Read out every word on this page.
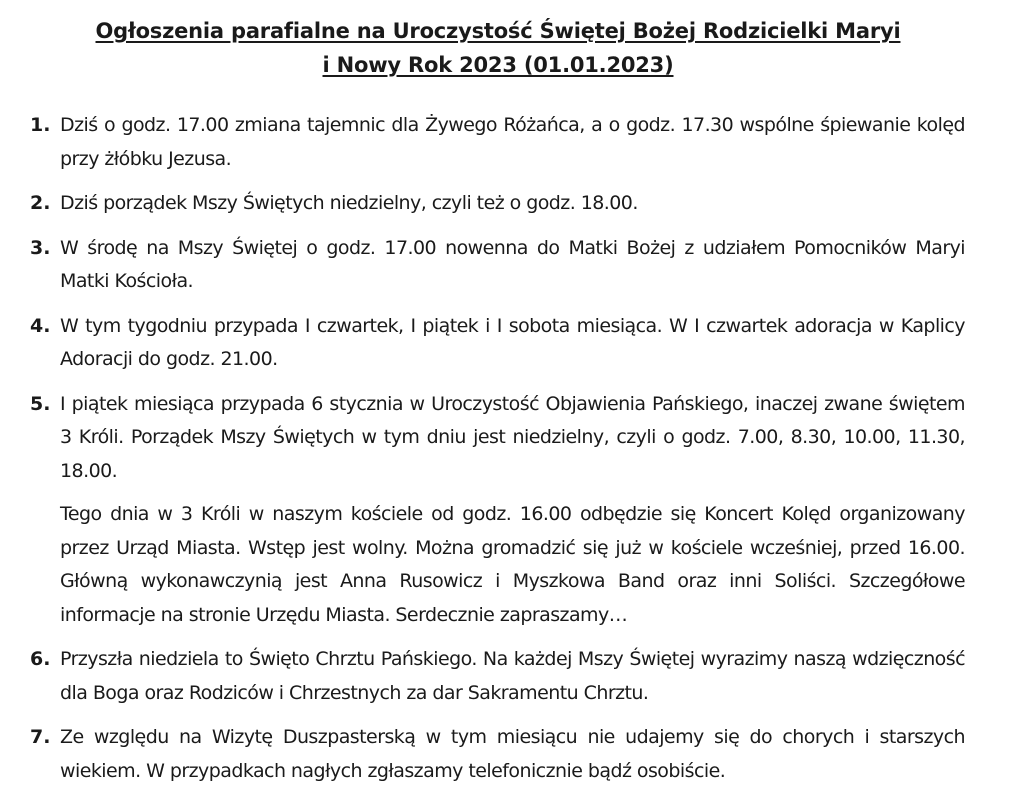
Ogłoszenia parafialne na Uroczystość Świętej Bożej Rodzicielki Maryi
i Nowy Rok 2023 (01.01.2023)
1. Dziś o godz. 17.00 zmiana tajemnic dla Żywego Różańca, a o godz. 17.30 wspólne śpiewanie kolęd przy żłóbku Jezusa.
2. Dziś porządek Mszy Świętych niedzielny, czyli też o godz. 18.00.
3. W środę na Mszy Świętej o godz. 17.00 nowenna do Matki Bożej z udziałem Pomocników Maryi Matki Kościoła.
4. W tym tygodniu przypada I czwartek, I piątek i I sobota miesiąca. W I czwartek adoracja w Kaplicy Adoracji do godz. 21.00.
5. I piątek miesiąca przypada 6 stycznia w Uroczystość Objawienia Pańskiego, inaczej zwane świętem 3 Króli. Porządek Mszy Świętych w tym dniu jest niedzielny, czyli o godz. 7.00, 8.30, 10.00, 11.30, 18.00.
Tego dnia w 3 Króli w naszym kościele od godz. 16.00 odbędzie się Koncert Kolęd organizowany przez Urząd Miasta. Wstęp jest wolny. Można gromadzić się już w kościele wcześniej, przed 16.00. Główną wykonawczynią jest Anna Rusowicz i Myszkowa Band oraz inni Soliści. Szczegółowe informacje na stronie Urzędu Miasta. Serdecznie zapraszamy…
6. Przyszła niedziela to Święto Chrztu Pańskiego. Na każdej Mszy Świętej wyrazimy naszą wdzięczność dla Boga oraz Rodziców i Chrzestnych za dar Sakramentu Chrztu.
7. Ze względu na Wizytę Duszpasterską w tym miesiącu nie udajemy się do chorych i starszych wiekiem. W przypadkach nagłych zgłaszamy telefonicznie bądź osobiście.
